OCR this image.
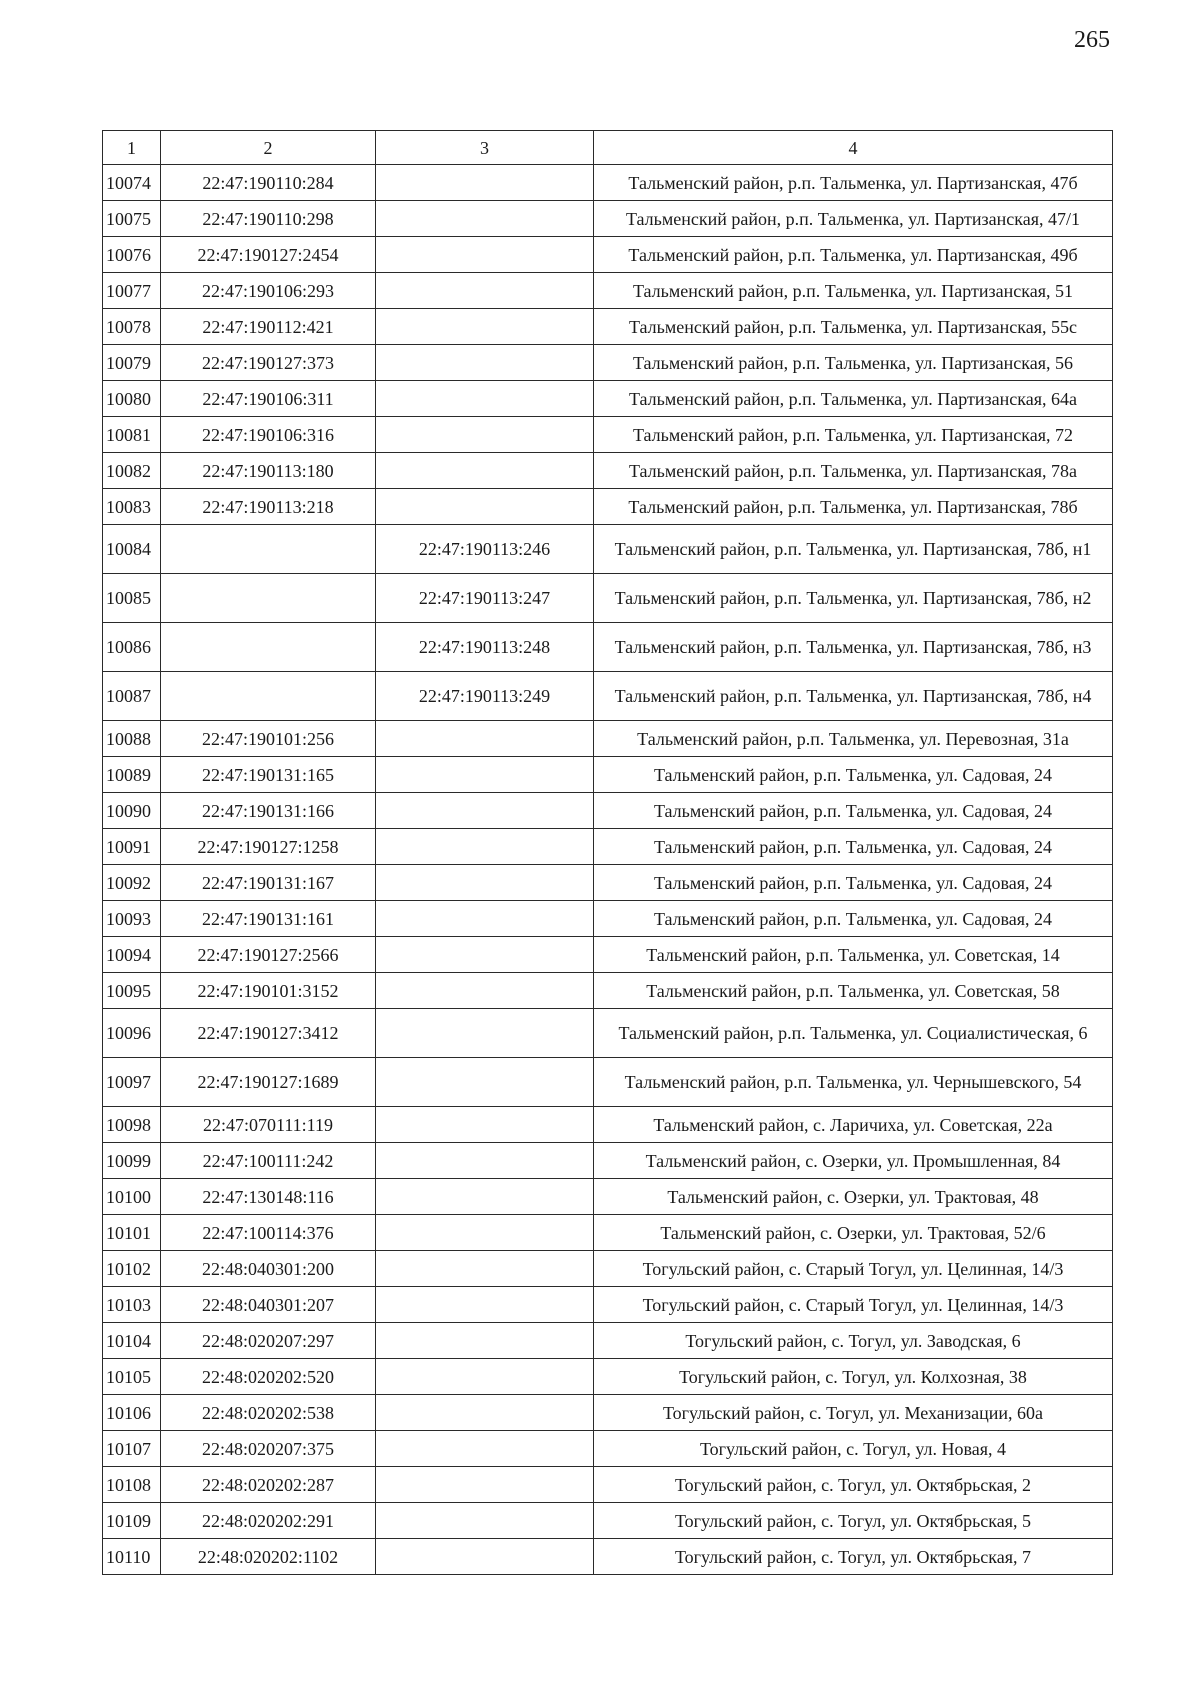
265
1	2	3	4
10074	22:47:190110:284		Тальменский район, р.п. Тальменка, ул. Партизанская, 47б
10075	22:47:190110:298		Тальменский район, р.п. Тальменка, ул. Партизанская, 47/1
10076	22:47:190127:2454		Тальменский район, р.п. Тальменка, ул. Партизанская, 49б
10077	22:47:190106:293		Тальменский район, р.п. Тальменка, ул. Партизанская, 51
10078	22:47:190112:421		Тальменский район, р.п. Тальменка, ул. Партизанская, 55с
10079	22:47:190127:373		Тальменский район, р.п. Тальменка, ул. Партизанская, 56
10080	22:47:190106:311		Тальменский район, р.п. Тальменка, ул. Партизанская, 64а
10081	22:47:190106:316		Тальменский район, р.п. Тальменка, ул. Партизанская, 72
10082	22:47:190113:180		Тальменский район, р.п. Тальменка, ул. Партизанская, 78а
10083	22:47:190113:218		Тальменский район, р.п. Тальменка, ул. Партизанская, 78б
10084		22:47:190113:246	Тальменский район, р.п. Тальменка, ул. Партизанская, 78б, н1
10085		22:47:190113:247	Тальменский район, р.п. Тальменка, ул. Партизанская, 78б, н2
10086		22:47:190113:248	Тальменский район, р.п. Тальменка, ул. Партизанская, 78б, н3
10087		22:47:190113:249	Тальменский район, р.п. Тальменка, ул. Партизанская, 78б, н4
10088	22:47:190101:256		Тальменский район, р.п. Тальменка, ул. Перевозная, 31а
10089	22:47:190131:165		Тальменский район, р.п. Тальменка, ул. Садовая, 24
10090	22:47:190131:166		Тальменский район, р.п. Тальменка, ул. Садовая, 24
10091	22:47:190127:1258		Тальменский район, р.п. Тальменка, ул. Садовая, 24
10092	22:47:190131:167		Тальменский район, р.п. Тальменка, ул. Садовая, 24
10093	22:47:190131:161		Тальменский район, р.п. Тальменка, ул. Садовая, 24
10094	22:47:190127:2566		Тальменский район, р.п. Тальменка, ул. Советская, 14
10095	22:47:190101:3152		Тальменский район, р.п. Тальменка, ул. Советская, 58
10096	22:47:190127:3412		Тальменский район, р.п. Тальменка, ул. Социалистическая, 6
10097	22:47:190127:1689		Тальменский район, р.п. Тальменка, ул. Чернышевского, 54
10098	22:47:070111:119		Тальменский район, с. Ларичиха, ул. Советская, 22а
10099	22:47:100111:242		Тальменский район, с. Озерки, ул. Промышленная, 84
10100	22:47:130148:116		Тальменский район, с. Озерки, ул. Трактовая, 48
10101	22:47:100114:376		Тальменский район, с. Озерки, ул. Трактовая, 52/6
10102	22:48:040301:200		Тогульский район, с. Старый Тогул, ул. Целинная, 14/3
10103	22:48:040301:207		Тогульский район, с. Старый Тогул, ул. Целинная, 14/3
10104	22:48:020207:297		Тогульский район, с. Тогул, ул. Заводская, 6
10105	22:48:020202:520		Тогульский район, с. Тогул, ул. Колхозная, 38
10106	22:48:020202:538		Тогульский район, с. Тогул, ул. Механизации, 60а
10107	22:48:020207:375		Тогульский район, с. Тогул, ул. Новая, 4
10108	22:48:020202:287		Тогульский район, с. Тогул, ул. Октябрьская, 2
10109	22:48:020202:291		Тогульский район, с. Тогул, ул. Октябрьская, 5
10110	22:48:020202:1102		Тогульский район, с. Тогул, ул. Октябрьская, 7
